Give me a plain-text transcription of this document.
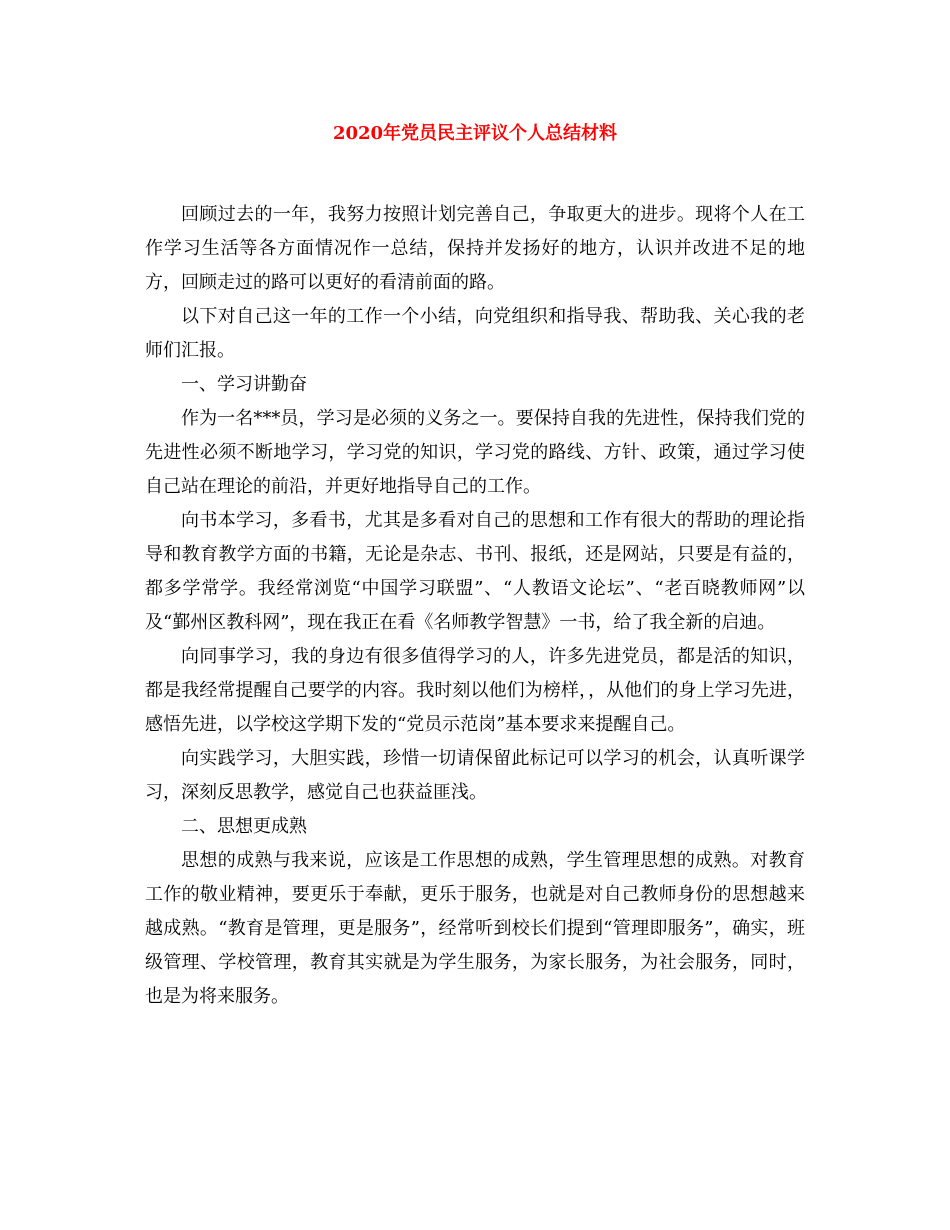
2020年党员民主评议个人总结材料

回顾过去的一年，我努力按照计划完善自己，争取更大的进步。现将个人在工作学习生活等各方面情况作一总结，保持并发扬好的地方，认识并改进不足的地方，回顾走过的路可以更好的看清前面的路。

以下对自己这一年的工作一个小结，向党组织和指导我、帮助我、关心我的老师们汇报。

一、学习讲勤奋

作为一名***员，学习是必须的义务之一。要保持自我的先进性，保持我们党的先进性必须不断地学习，学习党的知识，学习党的路线、方针、政策，通过学习使自己站在理论的前沿，并更好地指导自己的工作。

向书本学习，多看书，尤其是多看对自己的思想和工作有很大的帮助的理论指导和教育教学方面的书籍，无论是杂志、书刊、报纸，还是网站，只要是有益的，都多学常学。我经常浏览“中国学习联盟”、“人教语文论坛”、“老百晓教师网”以及“鄞州区教科网”，现在我正在看《名师教学智慧》一书，给了我全新的启迪。

向同事学习，我的身边有很多值得学习的人，许多先进党员，都是活的知识，都是我经常提醒自己要学的内容。我时刻以他们为榜样，，从他们的身上学习先进，感悟先进，以学校这学期下发的“党员示范岗”基本要求来提醒自己。

向实践学习，大胆实践，珍惜一切请保留此标记可以学习的机会，认真听课学习，深刻反思教学，感觉自己也获益匪浅。

二、思想更成熟

思想的成熟与我来说，应该是工作思想的成熟，学生管理思想的成熟。对教育工作的敬业精神，要更乐于奉献，更乐于服务，也就是对自己教师身份的思想越来越成熟。“教育是管理，更是服务”，经常听到校长们提到“管理即服务”，确实，班级管理、学校管理，教育其实就是为学生服务，为家长服务，为社会服务，同时，也是为将来服务。
